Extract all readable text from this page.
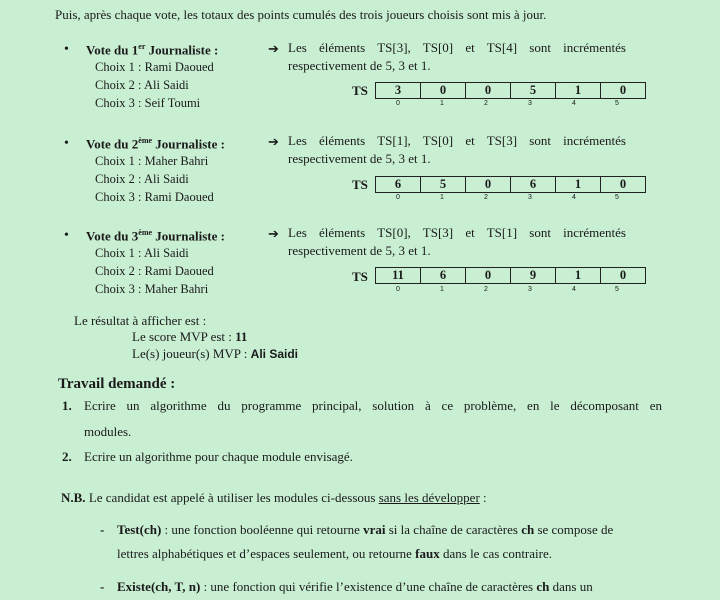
Puis, après chaque vote, les totaux des points cumulés des trois joueurs choisis sont mis à jour.
• Vote du 1er Journaliste :
Choix 1 : Rami Daoued
Choix 2 : Ali Saidi
Choix 3 : Seif Toumi
➔ Les éléments TS[3], TS[0] et TS[4] sont incrémentés
respectivement de 5, 3 et 1.
TS 3	0	0	5	1	0
0	1	2	3	4	5
• Vote du 2ème Journaliste :
Choix 1 : Maher Bahri
Choix 2 : Ali Saidi
Choix 3 : Rami Daoued
➔ Les éléments TS[1], TS[0] et TS[3] sont incrémentés
respectivement de 5, 3 et 1.
TS 6	5	0	6	1	0
0	1	2	3	4	5
• Vote du 3ème Journaliste :
Choix 1 : Ali Saidi
Choix 2 : Rami Daoued
Choix 3 : Maher Bahri
➔ Les éléments TS[0], TS[3] et TS[1] sont incrémentés
respectivement de 5, 3 et 1.
TS 11	6	0	9	1	0
0	1	2	3	4	5
Le résultat à afficher est :
Le score MVP est : 11
Le(s) joueur(s) MVP : Ali Saidi
Travail demandé :
1. Ecrire un algorithme du programme principal, solution à ce problème, en le décomposant en
modules.
2. Ecrire un algorithme pour chaque module envisagé.
N.B. Le candidat est appelé à utiliser les modules ci-dessous sans les développer :
- Test(ch) : une fonction booléenne qui retourne vrai si la chaîne de caractères ch se compose de
lettres alphabétiques et d’espaces seulement, ou retourne faux dans le cas contraire.
- Existe(ch, T, n) : une fonction qui vérifie l’existence d’une chaîne de caractères ch dans un
